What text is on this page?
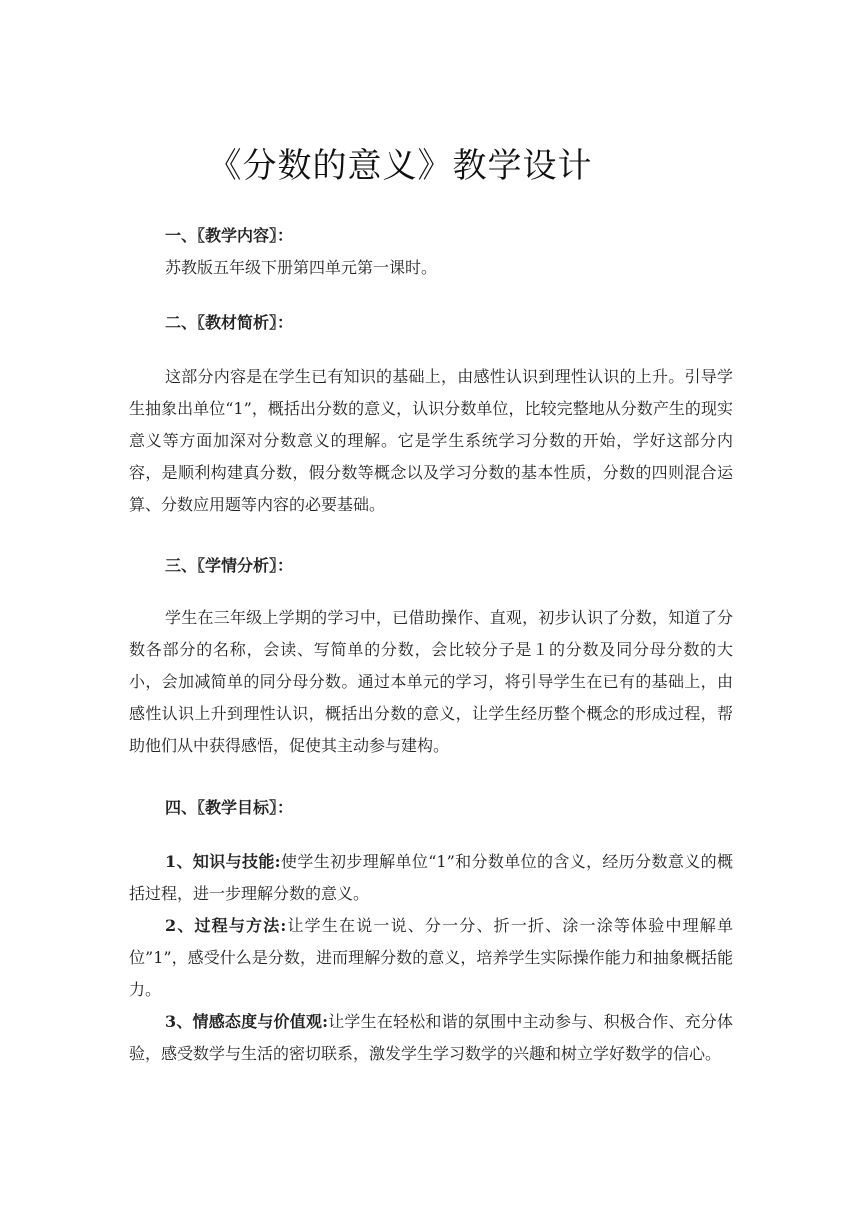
《分数的意义》教学设计

一、〖教学内容〗：

苏教版五年级下册第四单元第一课时。

二、〖教材简析〗：

这部分内容是在学生已有知识的基础上，由感性认识到理性认识的上升。引导学生抽象出单位“1”，概括出分数的意义，认识分数单位，比较完整地从分数产生的现实意义等方面加深对分数意义的理解。它是学生系统学习分数的开始，学好这部分内容，是顺利构建真分数，假分数等概念以及学习分数的基本性质，分数的四则混合运算、分数应用题等内容的必要基础。

三、〖学情分析〗：

学生在三年级上学期的学习中，已借助操作、直观，初步认识了分数，知道了分数各部分的名称，会读、写简单的分数，会比较分子是１的分数及同分母分数的大小，会加减简单的同分母分数。通过本单元的学习，将引导学生在已有的基础上，由感性认识上升到理性认识，概括出分数的意义，让学生经历整个概念的形成过程，帮助他们从中获得感悟，促使其主动参与建构。

四、〖教学目标〗：

1、知识与技能:使学生初步理解单位“1”和分数单位的含义，经历分数意义的概括过程，进一步理解分数的意义。

2、过程与方法:让学生在说一说、分一分、折一折、涂一涂等体验中理解单位”1”，感受什么是分数，进而理解分数的意义，培养学生实际操作能力和抽象概括能力。

3、情感态度与价值观:让学生在轻松和谐的氛围中主动参与、积极合作、充分体验，感受数学与生活的密切联系，激发学生学习数学的兴趣和树立学好数学的信心。
